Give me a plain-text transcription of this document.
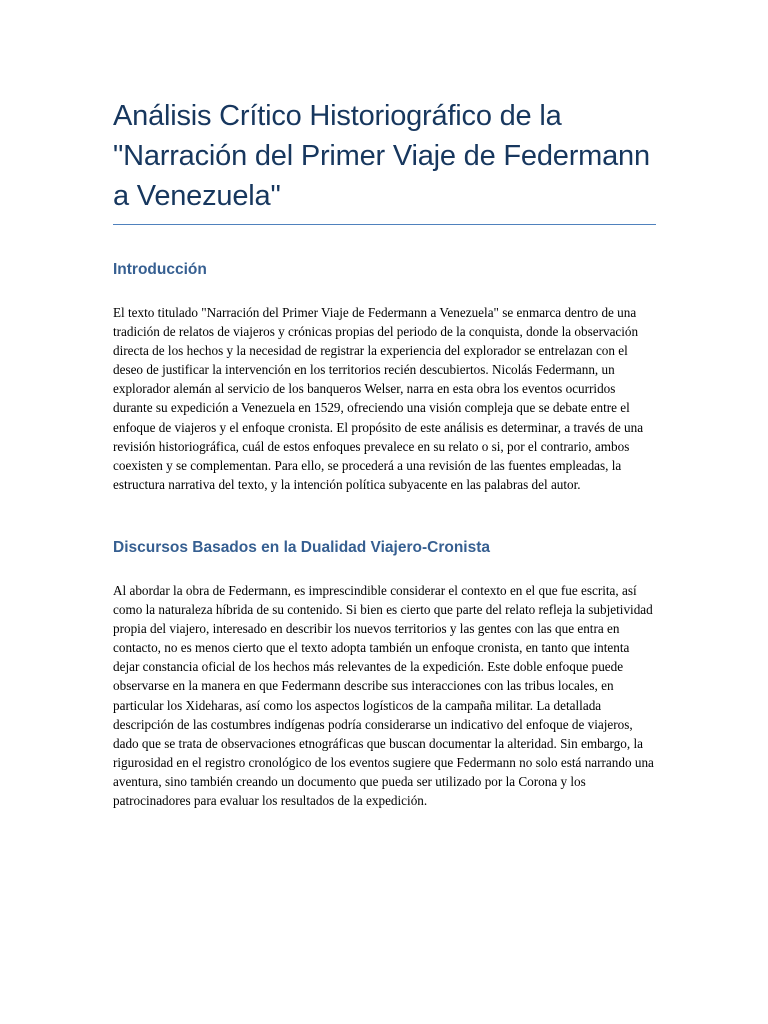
Análisis Crítico Historiográfico de la "Narración del Primer Viaje de Federmann a Venezuela"
Introducción

El texto titulado "Narración del Primer Viaje de Federmann a Venezuela" se enmarca dentro de una tradición de relatos de viajeros y crónicas propias del periodo de la conquista, donde la observación directa de los hechos y la necesidad de registrar la experiencia del explorador se entrelazan con el deseo de justificar la intervención en los territorios recién descubiertos. Nicolás Federmann, un explorador alemán al servicio de los banqueros Welser, narra en esta obra los eventos ocurridos durante su expedición a Venezuela en 1529, ofreciendo una visión compleja que se debate entre el enfoque de viajeros y el enfoque cronista. El propósito de este análisis es determinar, a través de una revisión historiográfica, cuál de estos enfoques prevalece en su relato o si, por el contrario, ambos coexisten y se complementan. Para ello, se procederá a una revisión de las fuentes empleadas, la estructura narrativa del texto, y la intención política subyacente en las palabras del autor.

Discursos Basados en la Dualidad Viajero-Cronista

Al abordar la obra de Federmann, es imprescindible considerar el contexto en el que fue escrita, así como la naturaleza híbrida de su contenido. Si bien es cierto que parte del relato refleja la subjetividad propia del viajero, interesado en describir los nuevos territorios y las gentes con las que entra en contacto, no es menos cierto que el texto adopta también un enfoque cronista, en tanto que intenta dejar constancia oficial de los hechos más relevantes de la expedición. Este doble enfoque puede observarse en la manera en que Federmann describe sus interacciones con las tribus locales, en particular los Xideharas, así como los aspectos logísticos de la campaña militar. La detallada descripción de las costumbres indígenas podría considerarse un indicativo del enfoque de viajeros, dado que se trata de observaciones etnográficas que buscan documentar la alteridad. Sin embargo, la rigurosidad en el registro cronológico de los eventos sugiere que Federmann no solo está narrando una aventura, sino también creando un documento que pueda ser utilizado por la Corona y los patrocinadores para evaluar los resultados de la expedición.
